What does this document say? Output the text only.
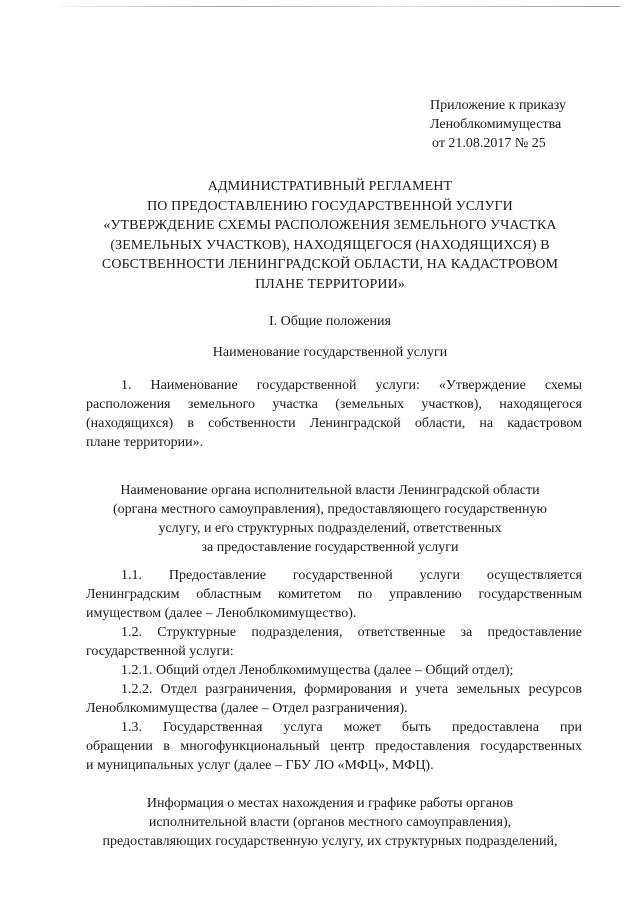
Приложение к приказу
Леноблкомимущества
от 21.08.2017 № 25
АДМИНИСТРАТИВНЫЙ РЕГЛАМЕНТ
ПО ПРЕДОСТАВЛЕНИЮ ГОСУДАРСТВЕННОЙ УСЛУГИ
«УТВЕРЖДЕНИЕ СХЕМЫ РАСПОЛОЖЕНИЯ ЗЕМЕЛЬНОГО УЧАСТКА
(ЗЕМЕЛЬНЫХ УЧАСТКОВ), НАХОДЯЩЕГОСЯ (НАХОДЯЩИХСЯ) В
СОБСТВЕННОСТИ ЛЕНИНГРАДСКОЙ ОБЛАСТИ, НА КАДАСТРОВОМ
ПЛАНЕ ТЕРРИТОРИИ»
I. Общие положения
Наименование государственной услуги
1. Наименование государственной услуги: «Утверждение схемы
расположения земельного участка (земельных участков), находящегося
(находящихся) в собственности Ленинградской области, на кадастровом
плане территории».
Наименование органа исполнительной власти Ленинградской области
(органа местного самоуправления), предоставляющего государственную
услугу, и его структурных подразделений, ответственных
за предоставление государственной услуги
1.1. Предоставление государственной услуги осуществляется
Ленинградским областным комитетом по управлению государственным
имуществом (далее – Леноблкомимущество).
1.2. Структурные подразделения, ответственные за предоставление
государственной услуги:
1.2.1. Общий отдел Леноблкомимущества (далее – Общий отдел);
1.2.2. Отдел разграничения, формирования и учета земельных ресурсов
Леноблкомимущества (далее – Отдел разграничения).
1.3. Государственная услуга может быть предоставлена при
обращении в многофункциональный центр предоставления государственных
и муниципальных услуг (далее – ГБУ ЛО «МФЦ», МФЦ).
Информация о местах нахождения и графике работы органов
исполнительной власти (органов местного самоуправления),
предоставляющих государственную услугу, их структурных подразделений,
